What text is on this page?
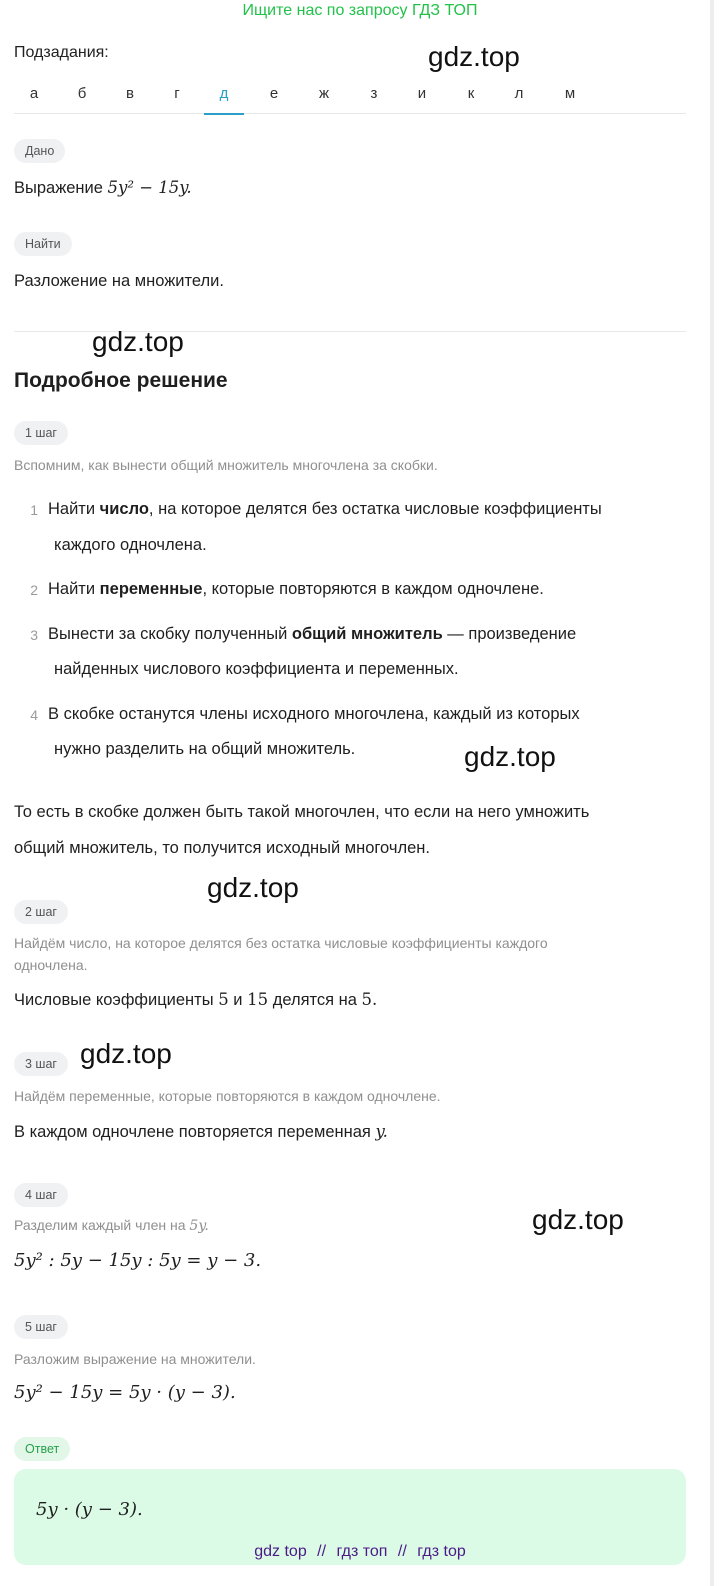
Ищите нас по запросу ГДЗ ТОП
Подзадания:	gdz.top
а	б	в	г	д	е	ж	з	и	к	л	м
Дано
Выражение 5y² − 15y.
Найти
Разложение на множители.
gdz.top
Подробное решение
1 шаг
Вспомним, как вынести общий множитель многочлена за скобки.
1 Найти число, на которое делятся без остатка числовые коэффициенты
каждого одночлена.
2 Найти переменные, которые повторяются в каждом одночлене.
3 Вынести за скобку полученный общий множитель — произведение
найденных числового коэффициента и переменных.
4 В скобке останутся члены исходного многочлена, каждый из которых
нужно разделить на общий множитель.	gdz.top
То есть в скобке должен быть такой многочлен, что если на него умножить
общий множитель, то получится исходный многочлен.
gdz.top
2 шаг
Найдём число, на которое делятся без остатка числовые коэффициенты каждого
одночлена.
Числовые коэффициенты 5 и 15 делятся на 5.
3 шаг gdz.top
Найдём переменные, которые повторяются в каждом одночлене.
В каждом одночлене повторяется переменная y.
4 шаг
gdz.top
Разделим каждый член на 5y.
5y² : 5y − 15y : 5y = y − 3.
5 шаг
Разложим выражение на множители.
5y² − 15y = 5y · (y − 3).
Ответ
5y · (y − 3).
gdz top // гдз топ // гдз top
